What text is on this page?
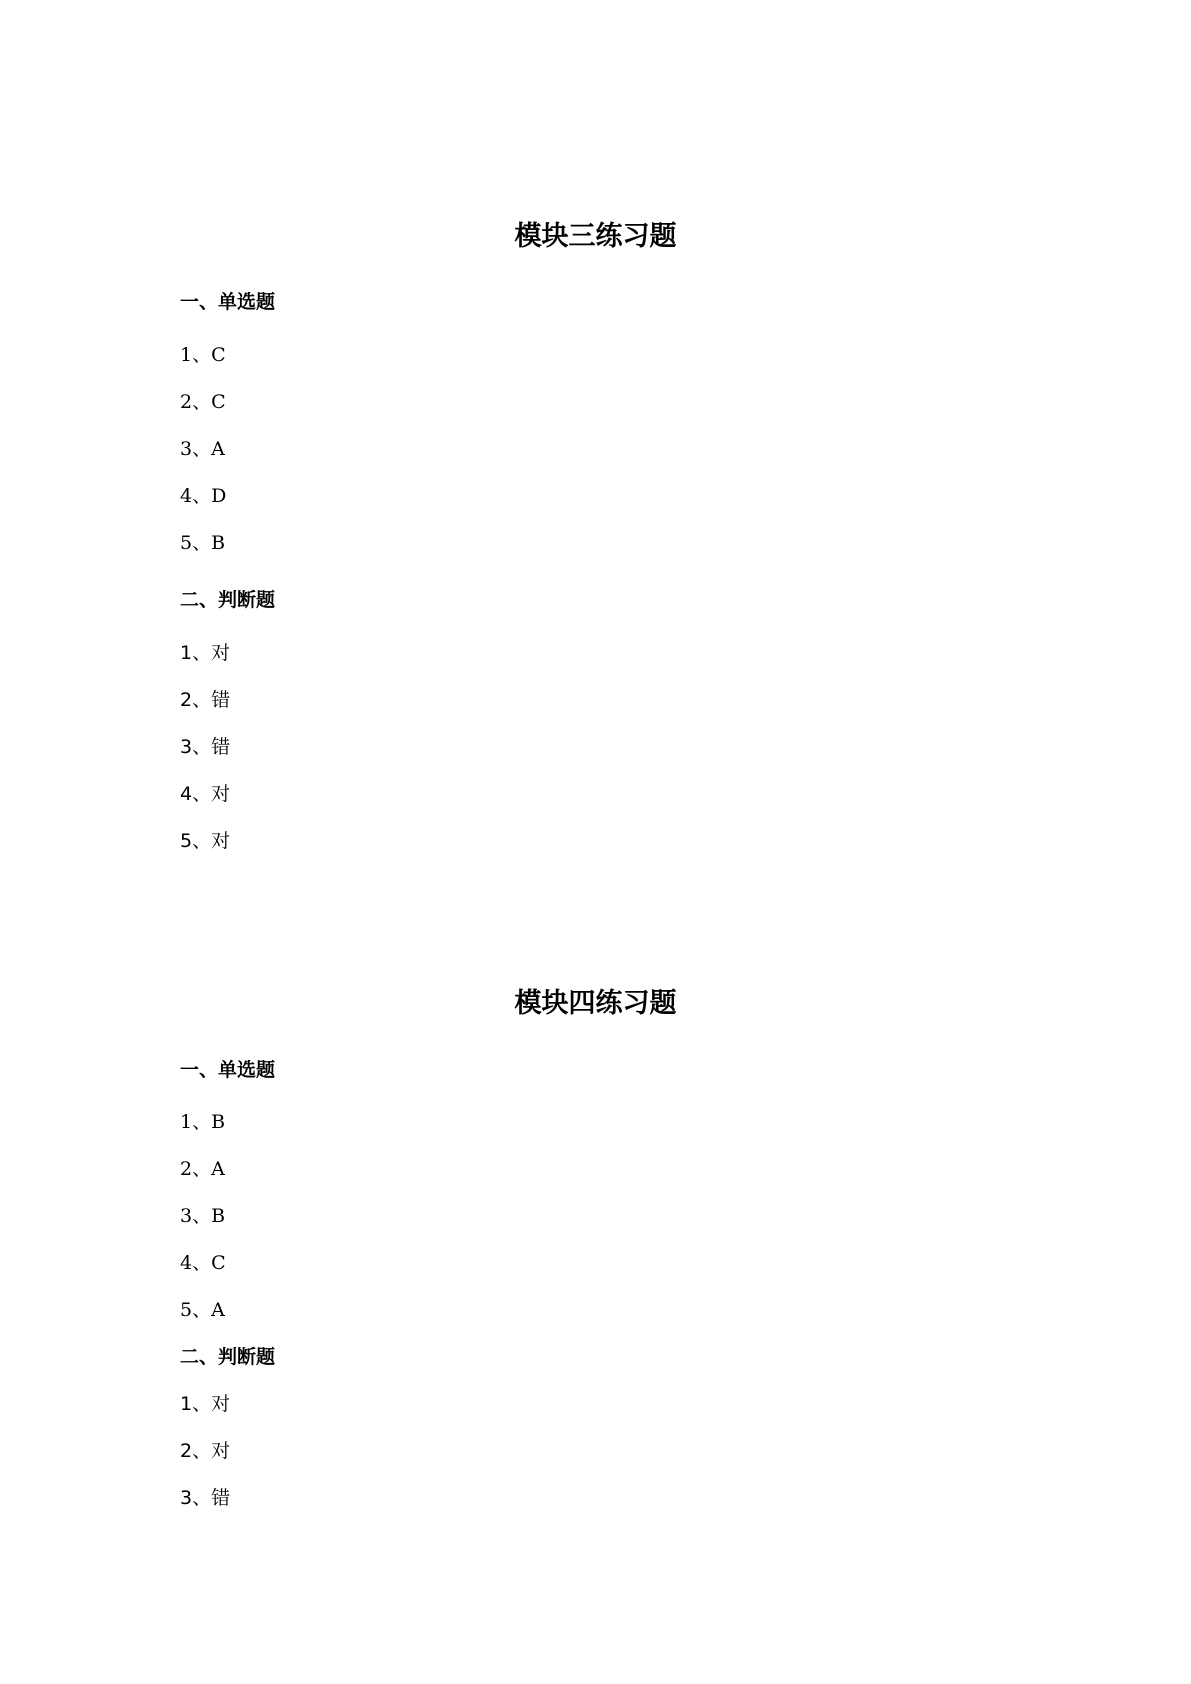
模块三练习题
一、单选题
1、C
2、C
3、A
4、D
5、B
二、判断题
1、对
2、错
3、错
4、对
5、对
模块四练习题
一、单选题
1、B
2、A
3、B
4、C
5、A
二、判断题
1、对
2、对
3、错
